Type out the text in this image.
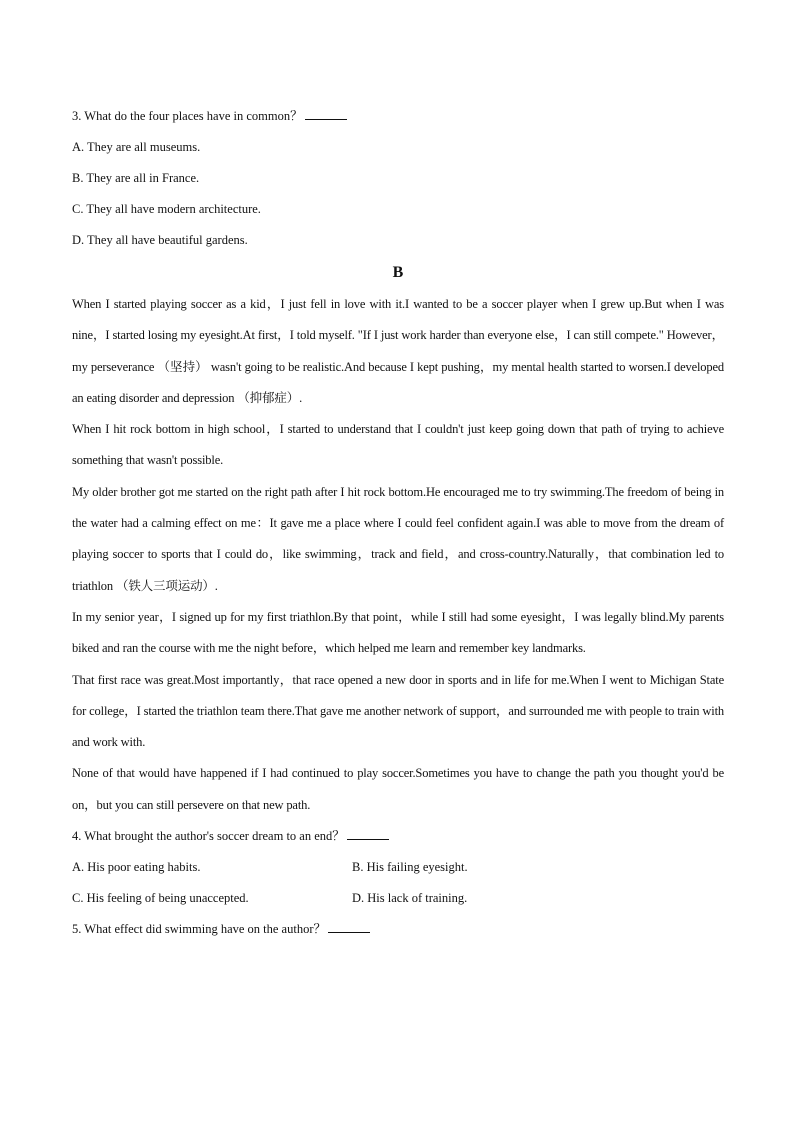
3. What do the four places have in common？
A. They are all museums.
B. They are all in France.
C. They all have modern architecture.
D. They all have beautiful gardens.
B
When I started playing soccer as a kid，I just fell in love with it.I wanted to be a soccer player when I grew up.But when I was nine，I started losing my eyesight.At first，I told myself. "If I just work harder than everyone else，I can still compete." However，my perseverance （坚持） wasn't going to be realistic.And because I kept pushing，my mental health started to worsen.I developed an eating disorder and depression （抑郁症）.
When I hit rock bottom in high school，I started to understand that I couldn't just keep going down that path of trying to achieve something that wasn't possible.
My older brother got me started on the right path after I hit rock bottom.He encouraged me to try swimming.The freedom of being in the water had a calming effect on me：It gave me a place where I could feel confident again.I was able to move from the dream of playing soccer to sports that I could do，like swimming，track and field，and cross-country.Naturally，that combination led to triathlon （铁人三项运动）.
In my senior year，I signed up for my first triathlon.By that point，while I still had some eyesight，I was legally blind.My parents biked and ran the course with me the night before，which helped me learn and remember key landmarks.
That first race was great.Most importantly，that race opened a new door in sports and in life for me.When I went to Michigan State for college，I started the triathlon team there.That gave me another network of support，and surrounded me with people to train with and work with.
None of that would have happened if I had continued to play soccer.Sometimes you have to change the path you thought you'd be on，but you can still persevere on that new path.
4. What brought the author's soccer dream to an end？
A. His poor eating habits.	B. His failing eyesight.
C. His feeling of being unaccepted.	D. His lack of training.
5. What effect did swimming have on the author？
